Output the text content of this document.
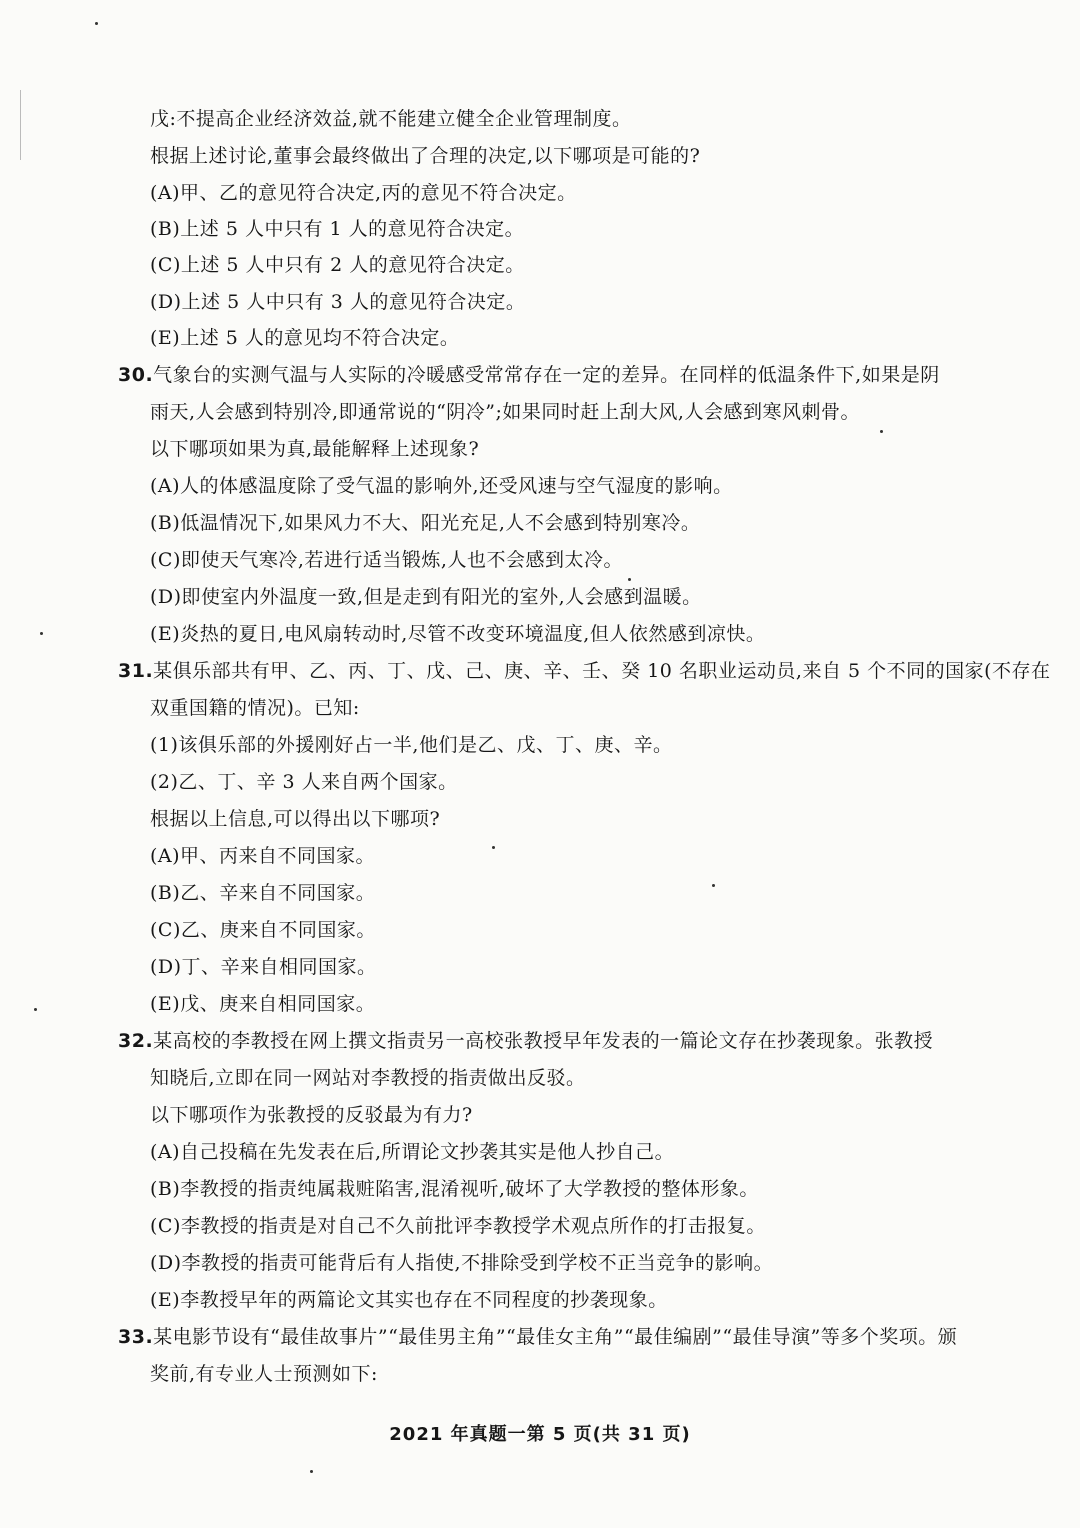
戊:不提高企业经济效益,就不能建立健全企业管理制度。
根据上述讨论,董事会最终做出了合理的决定,以下哪项是可能的?
(A)甲、乙的意见符合决定,丙的意见不符合决定。
(B)上述 5 人中只有 1 人的意见符合决定。
(C)上述 5 人中只有 2 人的意见符合决定。
(D)上述 5 人中只有 3 人的意见符合决定。
(E)上述 5 人的意见均不符合决定。
30.气象台的实测气温与人实际的冷暖感受常常存在一定的差异。在同样的低温条件下,如果是阴
雨天,人会感到特别冷,即通常说的“阴冷”;如果同时赶上刮大风,人会感到寒风刺骨。
以下哪项如果为真,最能解释上述现象?
(A)人的体感温度除了受气温的影响外,还受风速与空气湿度的影响。
(B)低温情况下,如果风力不大、阳光充足,人不会感到特别寒冷。
(C)即使天气寒冷,若进行适当锻炼,人也不会感到太冷。
(D)即使室内外温度一致,但是走到有阳光的室外,人会感到温暖。
(E)炎热的夏日,电风扇转动时,尽管不改变环境温度,但人依然感到凉快。
31.某俱乐部共有甲、乙、丙、丁、戊、己、庚、辛、壬、癸 10 名职业运动员,来自 5 个不同的国家(不存在
双重国籍的情况)。已知:
(1)该俱乐部的外援刚好占一半,他们是乙、戊、丁、庚、辛。
(2)乙、丁、辛 3 人来自两个国家。
根据以上信息,可以得出以下哪项?
(A)甲、丙来自不同国家。
(B)乙、辛来自不同国家。
(C)乙、庚来自不同国家。
(D)丁、辛来自相同国家。
(E)戊、庚来自相同国家。
32.某高校的李教授在网上撰文指责另一高校张教授早年发表的一篇论文存在抄袭现象。张教授
知晓后,立即在同一网站对李教授的指责做出反驳。
以下哪项作为张教授的反驳最为有力?
(A)自己投稿在先发表在后,所谓论文抄袭其实是他人抄自己。
(B)李教授的指责纯属栽赃陷害,混淆视听,破坏了大学教授的整体形象。
(C)李教授的指责是对自己不久前批评李教授学术观点所作的打击报复。
(D)李教授的指责可能背后有人指使,不排除受到学校不正当竞争的影响。
(E)李教授早年的两篇论文其实也存在不同程度的抄袭现象。
33.某电影节设有“最佳故事片”“最佳男主角”“最佳女主角”“最佳编剧”“最佳导演”等多个奖项。颁
奖前,有专业人士预测如下:
2021 年真题一第 5 页(共 31 页)
